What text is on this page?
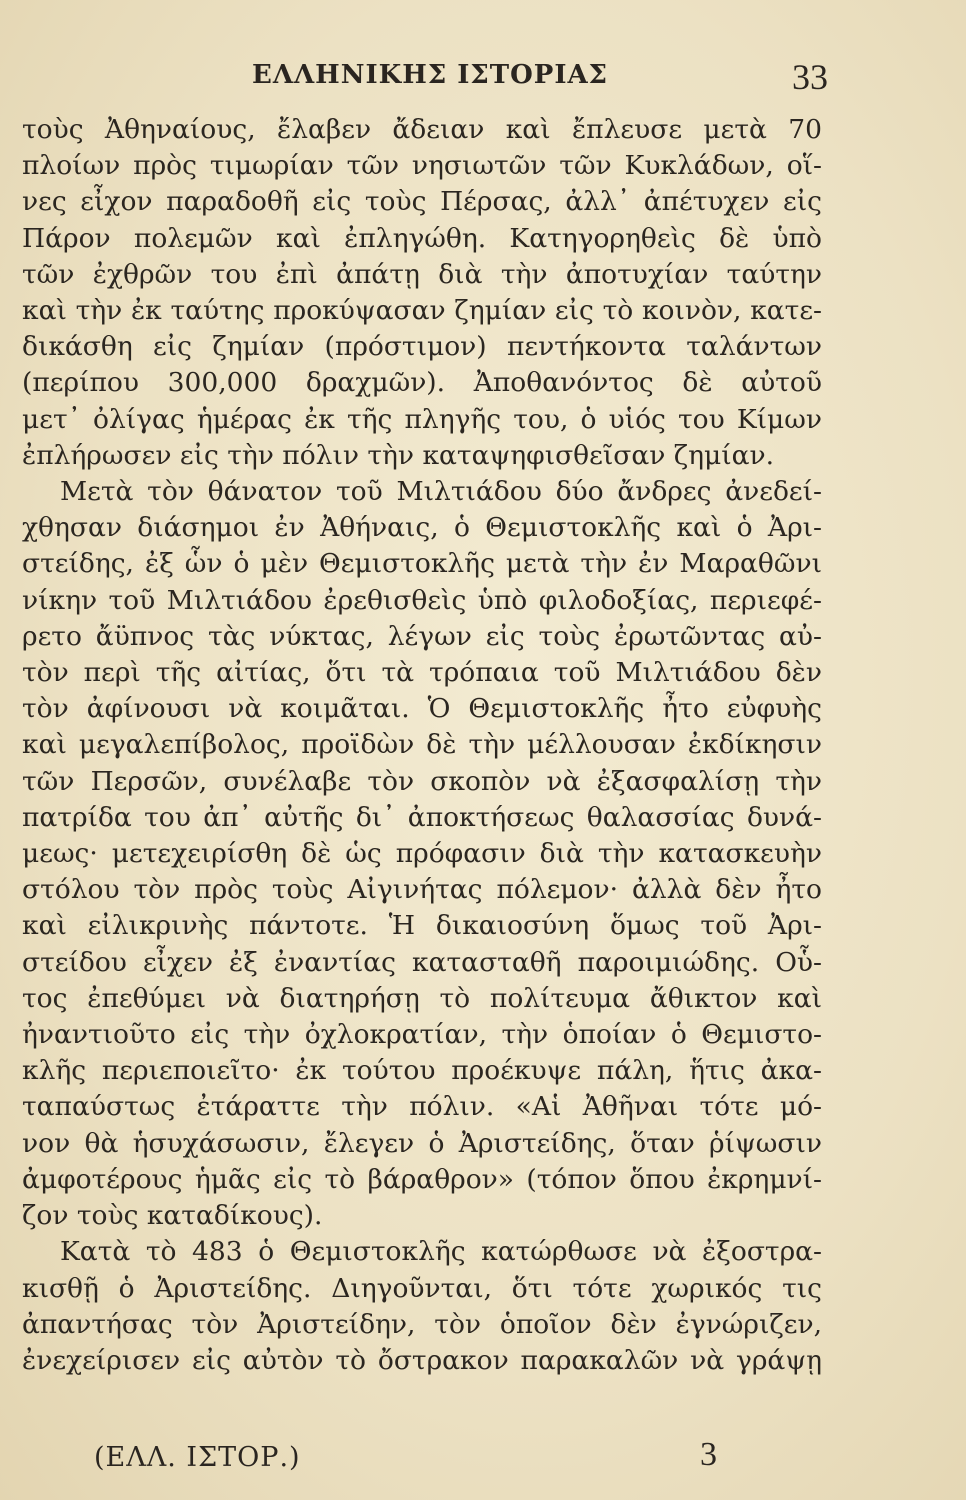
ΕΛΛΗΝΙΚΗΣ ΙΣΤΟΡΙΑΣ	33
τοὺς Ἀθηναίους, ἔλαβεν ἄδειαν καὶ ἔπλευσε μετὰ 70
πλοίων πρὸς τιμωρίαν τῶν νησιωτῶν τῶν Κυκλάδων, οἵ-
νες εἶχον παραδοθῆ εἰς τοὺς Πέρσας, ἀλλ᾽ ἀπέτυχεν εἰς
Πάρον πολεμῶν καὶ ἐπληγώθη. Κατηγορηθεὶς δὲ ὑπὸ
τῶν ἐχθρῶν του ἐπὶ ἀπάτῃ διὰ τὴν ἀποτυχίαν ταύτην
καὶ τὴν ἐκ ταύτης προκύψασαν ζημίαν εἰς τὸ κοινὸν, κατε-
δικάσθη εἰς ζημίαν (πρόστιμον) πεντήκοντα ταλάντων
(περίπου 300,000 δραχμῶν). Ἀποθανόντος δὲ αὐτοῦ
μετ᾽ ὀλίγας ἡμέρας ἐκ τῆς πληγῆς του, ὁ υἱός του Κίμων
ἐπλήρωσεν εἰς τὴν πόλιν τὴν καταψηφισθεῖσαν ζημίαν.
Μετὰ τὸν θάνατον τοῦ Μιλτιάδου δύο ἄνδρες ἀνεδεί-
χθησαν διάσημοι ἐν Ἀθήναις, ὁ Θεμιστοκλῆς καὶ ὁ Ἀρι-
στείδης, ἐξ ὧν ὁ μὲν Θεμιστοκλῆς μετὰ τὴν ἐν Μαραθῶνι
νίκην τοῦ Μιλτιάδου ἐρεθισθεὶς ὑπὸ φιλοδοξίας, περιεφέ-
ρετο ἄϋπνος τὰς νύκτας, λέγων εἰς τοὺς ἐρωτῶντας αὐ-
τὸν περὶ τῆς αἰτίας, ὅτι τὰ τρόπαια τοῦ Μιλτιάδου δὲν
τὸν ἀφίνουσι νὰ κοιμᾶται. Ὁ Θεμιστοκλῆς ἦτο εὐφυὴς
καὶ μεγαλεπίβολος, προϊδὼν δὲ τὴν μέλλουσαν ἐκδίκησιν
τῶν Περσῶν, συνέλαβε τὸν σκοπὸν νὰ ἐξασφαλίσῃ τὴν
πατρίδα του ἀπ᾽ αὐτῆς δι᾽ ἀποκτήσεως θαλασσίας δυνά-
μεως· μετεχειρίσθη δὲ ὡς πρόφασιν διὰ τὴν κατασκευὴν
στόλου τὸν πρὸς τοὺς Αἰγινήτας πόλεμον· ἀλλὰ δὲν ἦτο
καὶ εἰλικρινὴς πάντοτε. Ἡ δικαιοσύνη ὅμως τοῦ Ἀρι-
στείδου εἶχεν ἐξ ἐναντίας κατασταθῆ παροιμιώδης. Οὗ-
τος ἐπεθύμει νὰ διατηρήσῃ τὸ πολίτευμα ἄθικτον καὶ
ἠναντιοῦτο εἰς τὴν ὀχλοκρατίαν, τὴν ὁποίαν ὁ Θεμιστο-
κλῆς περιεποιεῖτο· ἐκ τούτου προέκυψε πάλη, ἥτις ἀκα-
ταπαύστως ἐτάραττε τὴν πόλιν. «Αἱ Ἀθῆναι τότε μό-
νον θὰ ἡσυχάσωσιν, ἔλεγεν ὁ Ἀριστείδης, ὅταν ῥίψωσιν
ἀμφοτέρους ἡμᾶς εἰς τὸ βάραθρον» (τόπον ὅπου ἐκρημνί-
ζον τοὺς καταδίκους).
Κατὰ τὸ 483 ὁ Θεμιστοκλῆς κατώρθωσε νὰ ἐξοστρα-
κισθῇ ὁ Ἀριστείδης. Διηγοῦνται, ὅτι τότε χωρικός τις
ἀπαντήσας τὸν Ἀριστείδην, τὸν ὁποῖον δὲν ἐγνώριζεν,
ἐνεχείρισεν εἰς αὐτὸν τὸ ὄστρακον παρακαλῶν νὰ γράψῃ
(ΕΛΛ. ΙΣΤΟΡ.)	3
